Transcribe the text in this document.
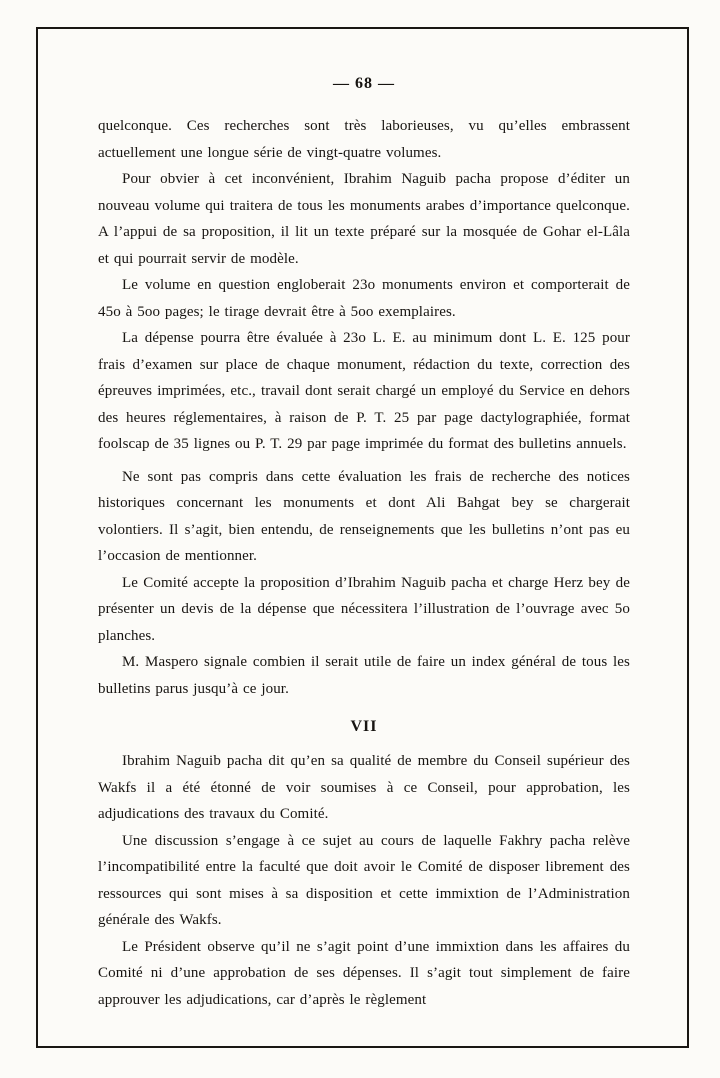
— 68 —

quelconque. Ces recherches sont très laborieuses, vu qu’elles embrassent actuellement une longue série de vingt-quatre volumes.

Pour obvier à cet inconvénient, Ibrahim Naguib pacha propose d’éditer un nouveau volume qui traitera de tous les monuments arabes d’importance quelconque. A l’appui de sa proposition, il lit un texte préparé sur la mosquée de Gohar el-Lâla et qui pourrait servir de modèle.

Le volume en question engloberait 23o monuments environ et comporterait de 45o à 5oo pages; le tirage devrait être à 5oo exemplaires.

La dépense pourra être évaluée à 23o L. E. au minimum dont L. E. 125 pour frais d’examen sur place de chaque monument, rédaction du texte, correction des épreuves imprimées, etc., travail dont serait chargé un employé du Service en dehors des heures réglementaires, à raison de P. T. 25 par page dactylographiée, format foolscap de 35 lignes ou P. T. 29 par page imprimée du format des bulletins annuels.

Ne sont pas compris dans cette évaluation les frais de recherche des notices historiques concernant les monuments et dont Ali Bahgat bey se chargerait volontiers. Il s’agit, bien entendu, de renseignements que les bulletins n’ont pas eu l’occasion de mentionner.

Le Comité accepte la proposition d’Ibrahim Naguib pacha et charge Herz bey de présenter un devis de la dépense que nécessitera l’illustration de l’ouvrage avec 5o planches.

M. Maspero signale combien il serait utile de faire un index général de tous les bulletins parus jusqu’à ce jour.

VII

Ibrahim Naguib pacha dit qu’en sa qualité de membre du Conseil supérieur des Wakfs il a été étonné de voir soumises à ce Conseil, pour approbation, les adjudications des travaux du Comité.

Une discussion s’engage à ce sujet au cours de laquelle Fakhry pacha relève l’incompatibilité entre la faculté que doit avoir le Comité de disposer librement des ressources qui sont mises à sa disposition et cette immixtion de l’Administration générale des Wakfs.

Le Président observe qu’il ne s’agit point d’une immixtion dans les affaires du Comité ni d’une approbation de ses dépenses. Il s’agit tout simplement de faire approuver les adjudications, car d’après le règlement
